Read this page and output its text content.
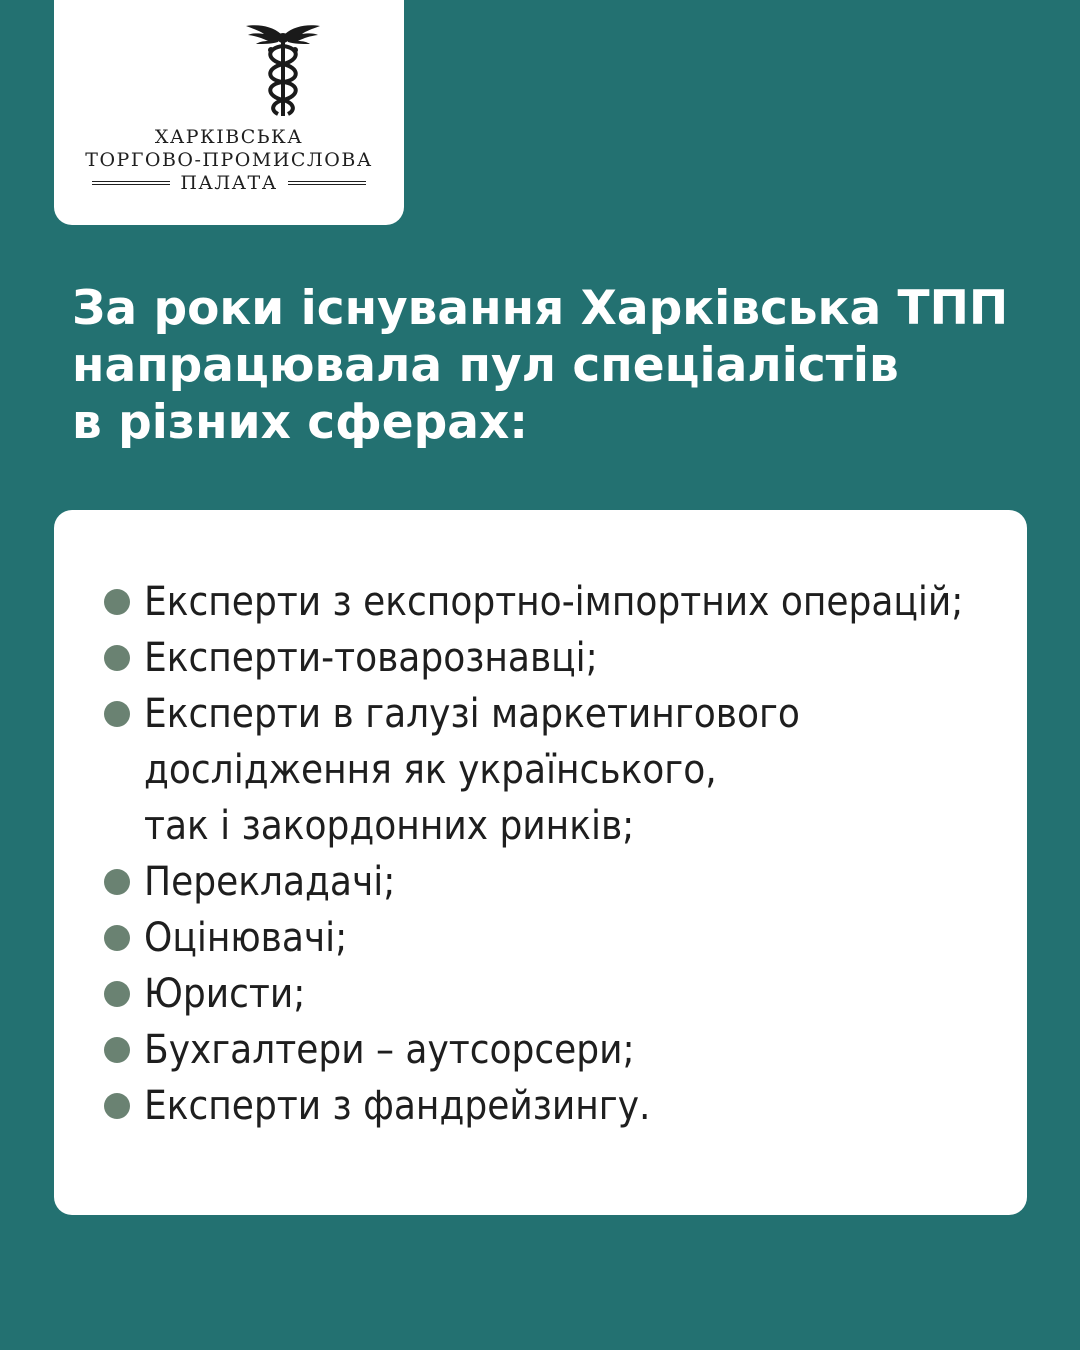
ХАРКІВСЬКА
ТОРГОВО-ПРОМИСЛОВА
ПАЛАТА
За роки існування Харківська ТПП
напрацювала пул спеціалістів
в різних сферах:
Експерти з експортно-імпортних операцій;
Експерти-товарознавці;
Експерти в галузі маркетингового
дослідження як українського,
так і закордонних ринків;
Перекладачі;
Оцінювачі;
Юристи;
Бухгалтери – аутсорсери;
Експерти з фандрейзингу.
